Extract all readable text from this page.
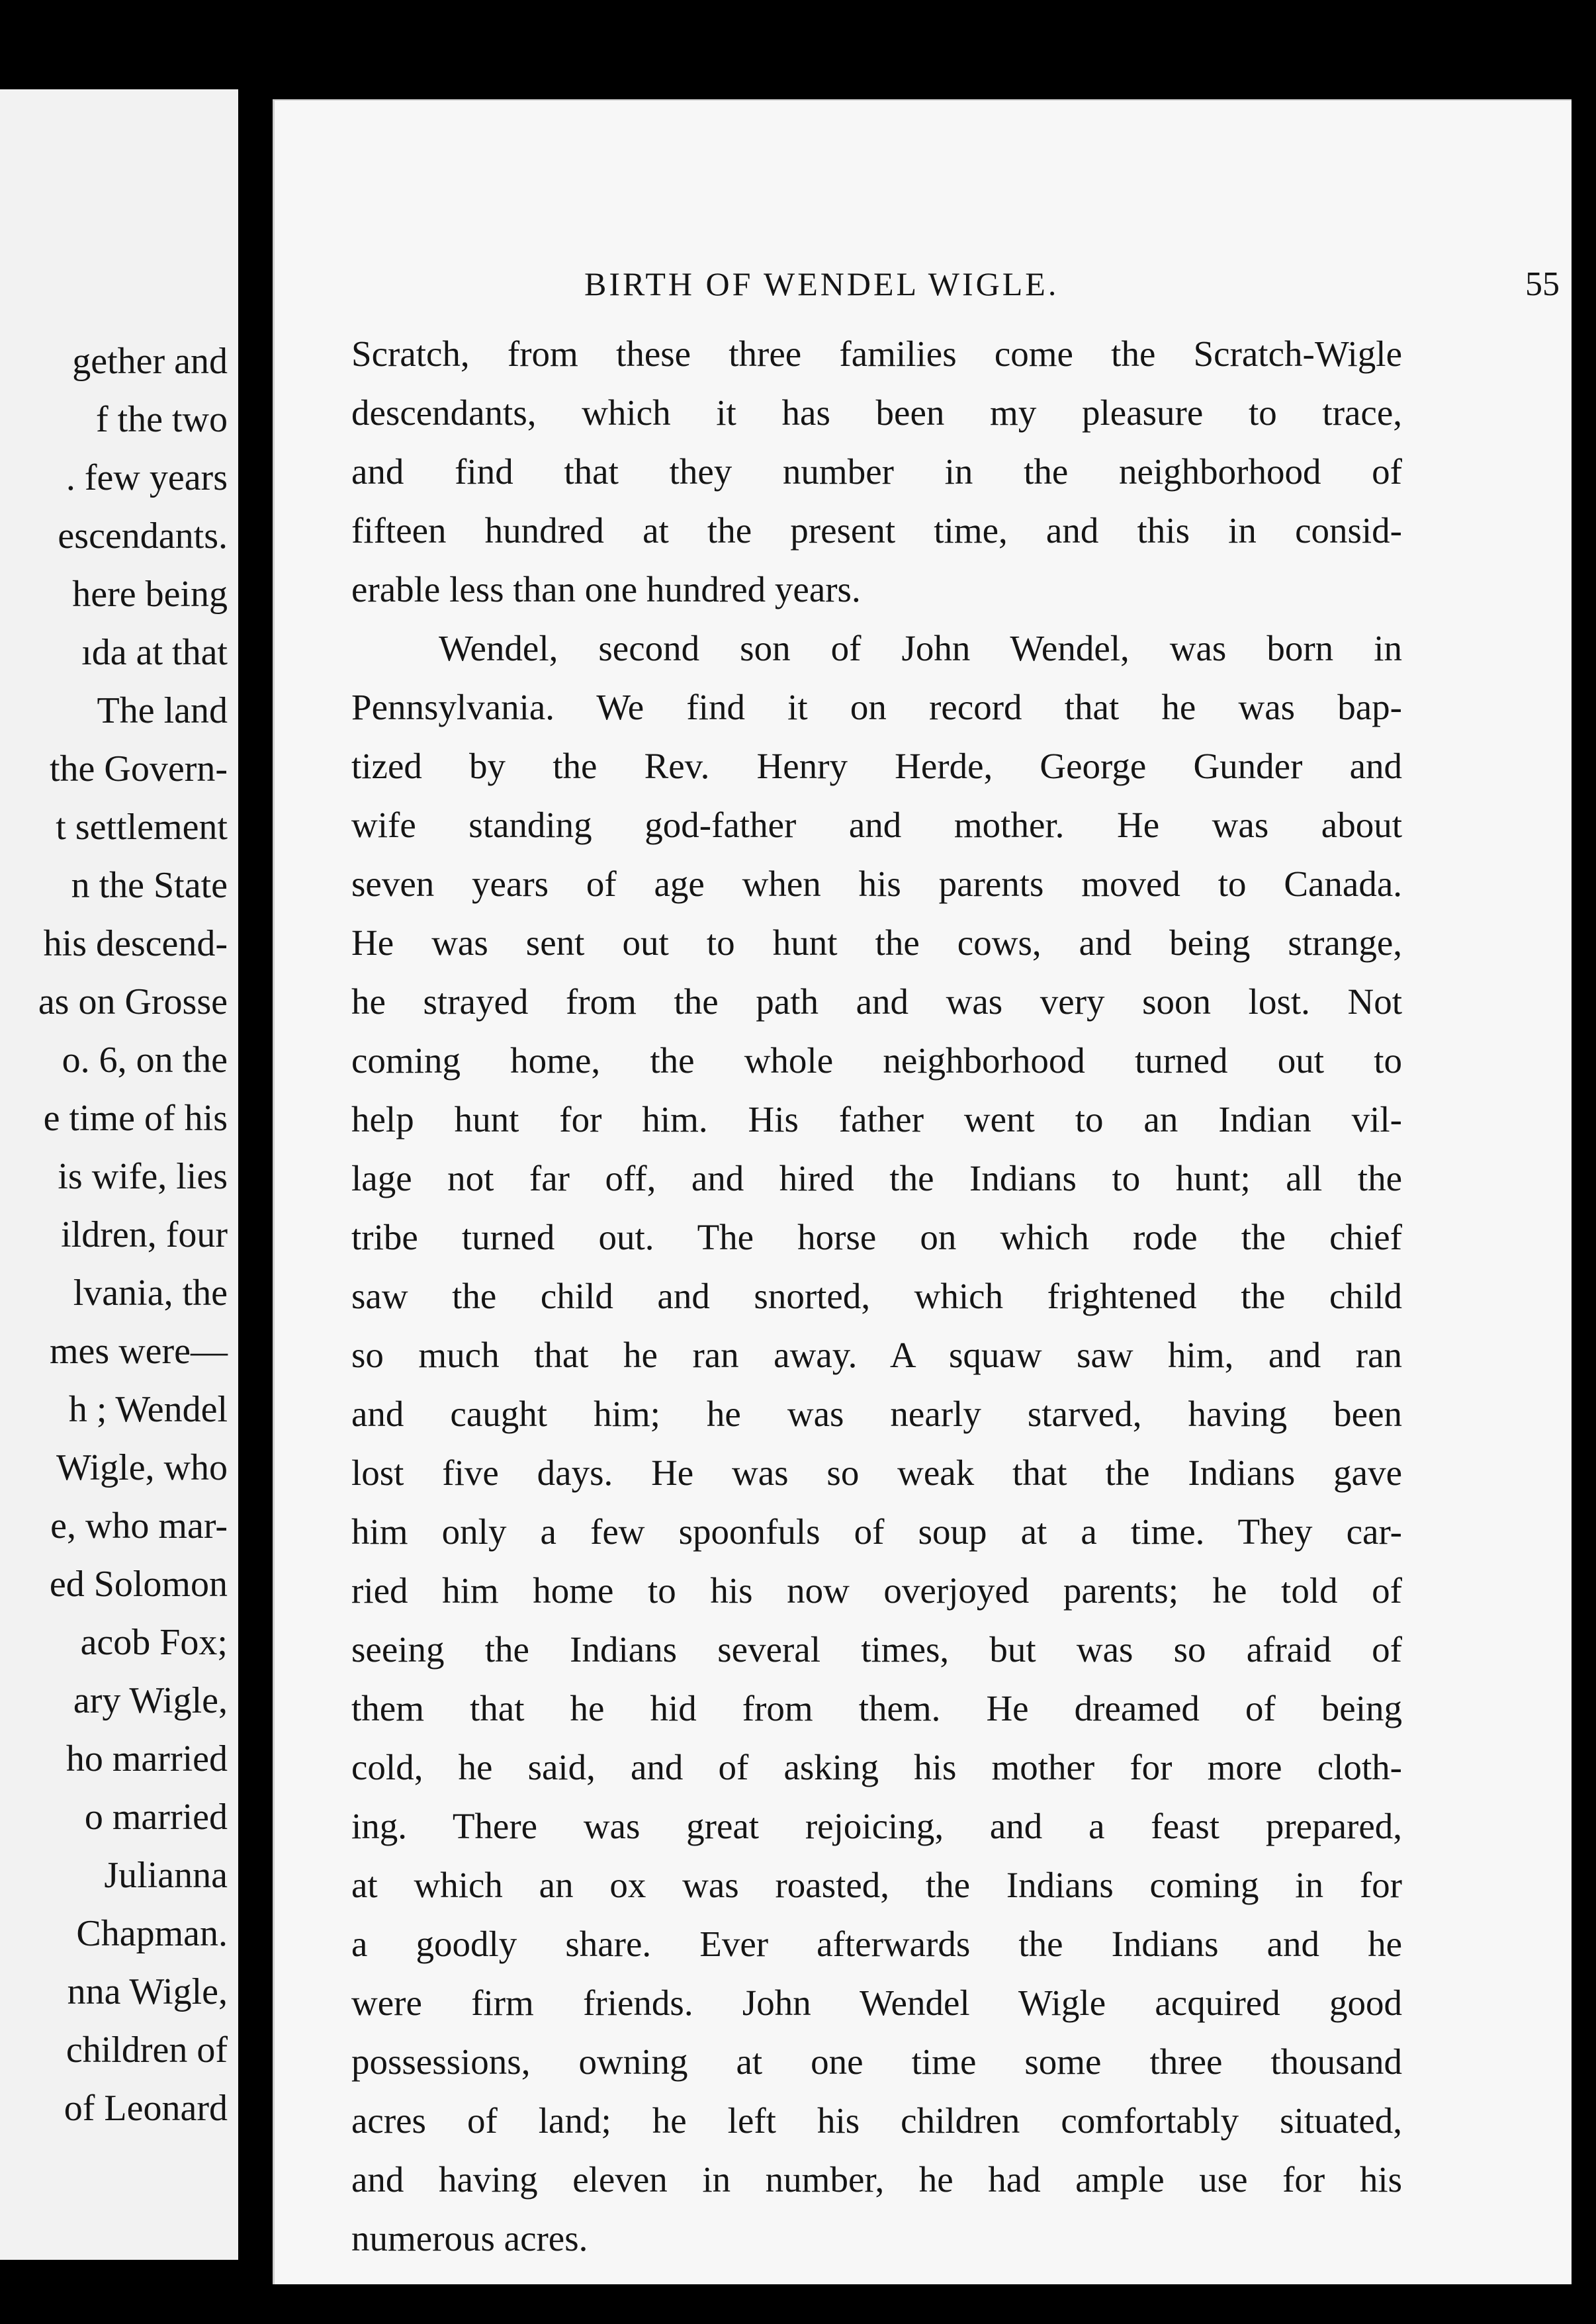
gether and
f the two
. few years
escendants.
here being
ıda at that
The land
the Govern-
t settlement
n the State
his descend-
as on Grosse
o. 6, on the
e time of his
is wife, lies
ildren, four
lvania, the
mes were—
h ; Wendel
Wigle, who
e, who mar-
ed Solomon
acob Fox;
ary Wigle,
ho married
o married
Julianna
Chapman.
nna Wigle,
children of
of Leonard
BIRTH OF WENDEL WIGLE.	55
Scratch, from these three families come the Scratch-Wigle
descendants, which it has been my pleasure to trace,
and find that they number in the neighborhood of
fifteen hundred at the present time, and this in consid-
erable less than one hundred years.
Wendel, second son of John Wendel, was born in
Pennsylvania. We find it on record that he was bap-
tized by the Rev. Henry Herde, George Gunder and
wife standing god-father and mother. He was about
seven years of age when his parents moved to Canada.
He was sent out to hunt the cows, and being strange,
he strayed from the path and was very soon lost. Not
coming home, the whole neighborhood turned out to
help hunt for him. His father went to an Indian vil-
lage not far off, and hired the Indians to hunt; all the
tribe turned out. The horse on which rode the chief
saw the child and snorted, which frightened the child
so much that he ran away. A squaw saw him, and ran
and caught him; he was nearly starved, having been
lost five days. He was so weak that the Indians gave
him only a few spoonfuls of soup at a time. They car-
ried him home to his now overjoyed parents; he told of
seeing the Indians several times, but was so afraid of
them that he hid from them. He dreamed of being
cold, he said, and of asking his mother for more cloth-
ing. There was great rejoicing, and a feast prepared,
at which an ox was roasted, the Indians coming in for
a goodly share. Ever afterwards the Indians and he
were firm friends. John Wendel Wigle acquired good
possessions, owning at one time some three thousand
acres of land; he left his children comfortably situated,
and having eleven in number, he had ample use for his
numerous acres.
